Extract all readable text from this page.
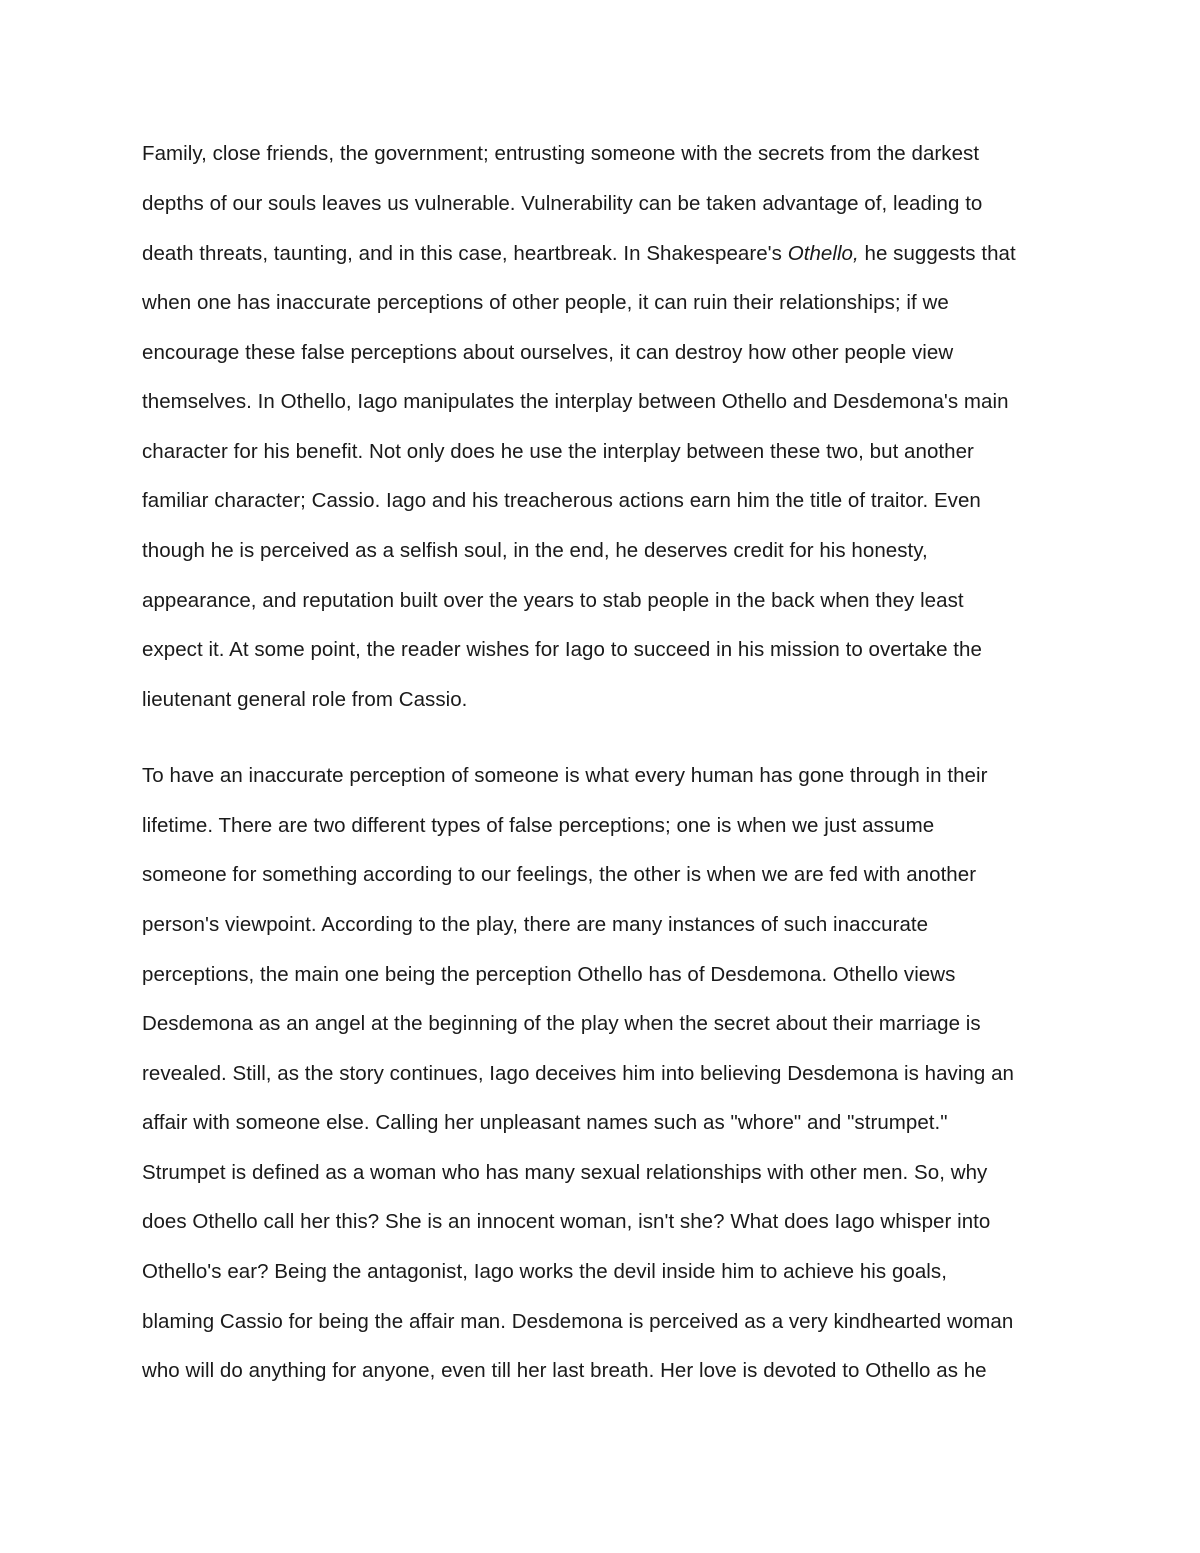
Family, close friends, the government; entrusting someone with the secrets from the darkest
depths of our souls leaves us vulnerable. Vulnerability can be taken advantage of, leading to
death threats, taunting, and in this case, heartbreak. In Shakespeare's Othello, he suggests that
when one has inaccurate perceptions of other people, it can ruin their relationships; if we
encourage these false perceptions about ourselves, it can destroy how other people view
themselves. In Othello, Iago manipulates the interplay between Othello and Desdemona's main
character for his benefit. Not only does he use the interplay between these two, but another
familiar character; Cassio. Iago and his treacherous actions earn him the title of traitor. Even
though he is perceived as a selfish soul, in the end, he deserves credit for his honesty,
appearance, and reputation built over the years to stab people in the back when they least
expect it. At some point, the reader wishes for Iago to succeed in his mission to overtake the
lieutenant general role from Cassio.
To have an inaccurate perception of someone is what every human has gone through in their
lifetime. There are two different types of false perceptions; one is when we just assume
someone for something according to our feelings, the other is when we are fed with another
person's viewpoint. According to the play, there are many instances of such inaccurate
perceptions, the main one being the perception Othello has of Desdemona. Othello views
Desdemona as an angel at the beginning of the play when the secret about their marriage is
revealed. Still, as the story continues, Iago deceives him into believing Desdemona is having an
affair with someone else. Calling her unpleasant names such as "whore" and "strumpet."
Strumpet is defined as a woman who has many sexual relationships with other men. So, why
does Othello call her this? She is an innocent woman, isn't she? What does Iago whisper into
Othello's ear? Being the antagonist, Iago works the devil inside him to achieve his goals,
blaming Cassio for being the affair man. Desdemona is perceived as a very kindhearted woman
who will do anything for anyone, even till her last breath. Her love is devoted to Othello as he
